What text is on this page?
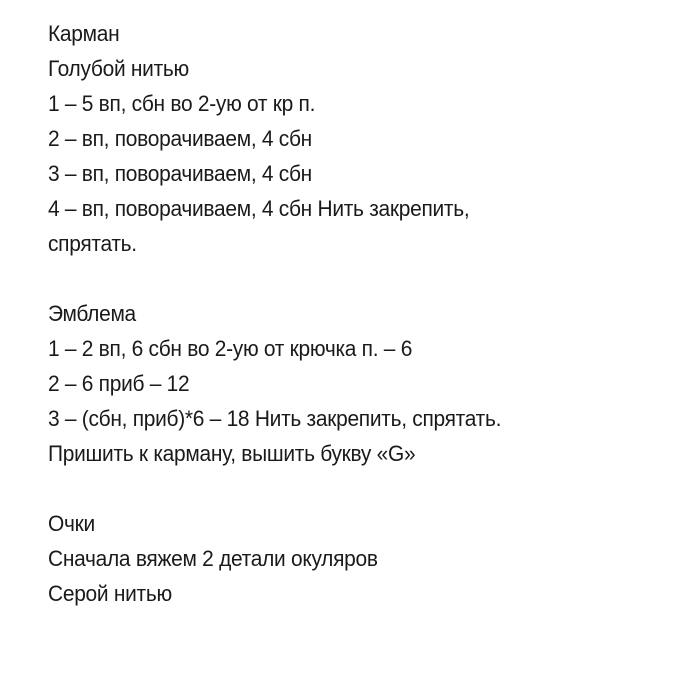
Карман
Голубой нитью
1 – 5 вп, сбн во 2-ую от кр п.
2 – вп, поворачиваем, 4 сбн
3 – вп, поворачиваем, 4 сбн
4 – вп, поворачиваем, 4 сбн Нить закрепить,
спрятать.
Эмблема
1 – 2 вп, 6 сбн во 2-ую от крючка п. – 6
2 – 6 приб – 12
3 – (сбн, приб)*6 – 18 Нить закрепить, спрятать.
Пришить к карману, вышить букву «G»
Очки
Сначала вяжем 2 детали окуляров
Серой нитью
